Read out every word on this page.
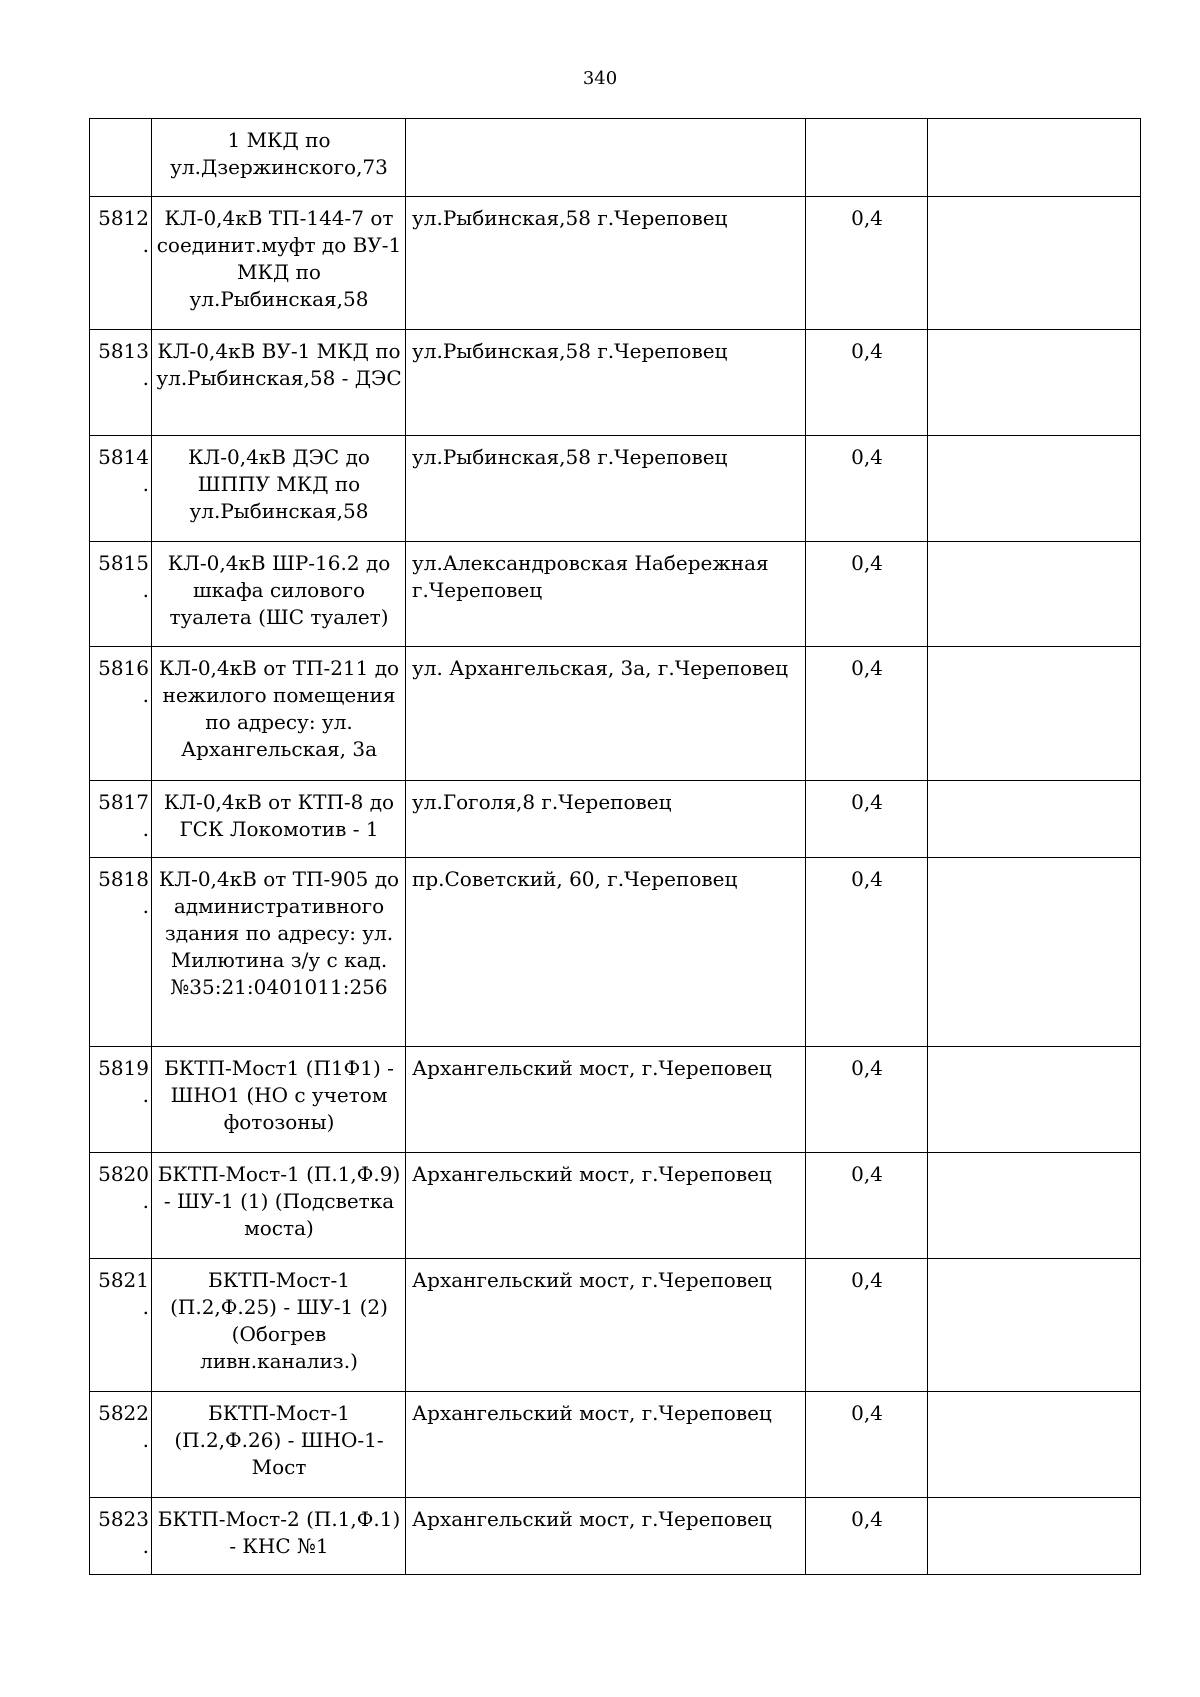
340
	1 МКД по ул.Дзержинского,73			
5812.	КЛ-0,4кВ ТП-144-7 от соединит.муфт до ВУ-1 МКД по ул.Рыбинская,58	ул.Рыбинская,58 г.Череповец	0,4	
5813.	КЛ-0,4кВ ВУ-1 МКД по ул.Рыбинская,58 - ДЭС	ул.Рыбинская,58 г.Череповец	0,4	
5814.	КЛ-0,4кВ ДЭС до ШППУ МКД по ул.Рыбинская,58	ул.Рыбинская,58 г.Череповец	0,4	
5815.	КЛ-0,4кВ ШР-16.2 до шкафа силового туалета (ШС туалет)	ул.Александровская Набережная г.Череповец	0,4	
5816.	КЛ-0,4кВ от ТП-211 до нежилого помещения по адресу: ул. Архангельская, 3а	ул. Архангельская, 3а, г.Череповец	0,4	
5817.	КЛ-0,4кВ от КТП-8 до ГСК Локомотив - 1	ул.Гоголя,8 г.Череповец	0,4	
5818.	КЛ-0,4кВ от ТП-905 до административного здания по адресу: ул. Милютина з/у с кад.№35:21:0401011:256	пр.Советский, 60, г.Череповец	0,4	
5819.	БКТП-Мост1 (П1Ф1) - ШНО1 (НО с учетом фотозоны)	Архангельский мост, г.Череповец	0,4	
5820.	БКТП-Мост-1 (П.1,Ф.9) - ШУ-1 (1) (Подсветка моста)	Архангельский мост, г.Череповец	0,4	
5821.	БКТП-Мост-1 (П.2,Ф.25) - ШУ-1 (2) (Обогрев ливн.канализ.)	Архангельский мост, г.Череповец	0,4	
5822.	БКТП-Мост-1 (П.2,Ф.26) - ШНО-1-Мост	Архангельский мост, г.Череповец	0,4	
5823.	БКТП-Мост-2 (П.1,Ф.1) - КНС №1	Архангельский мост, г.Череповец	0,4	
